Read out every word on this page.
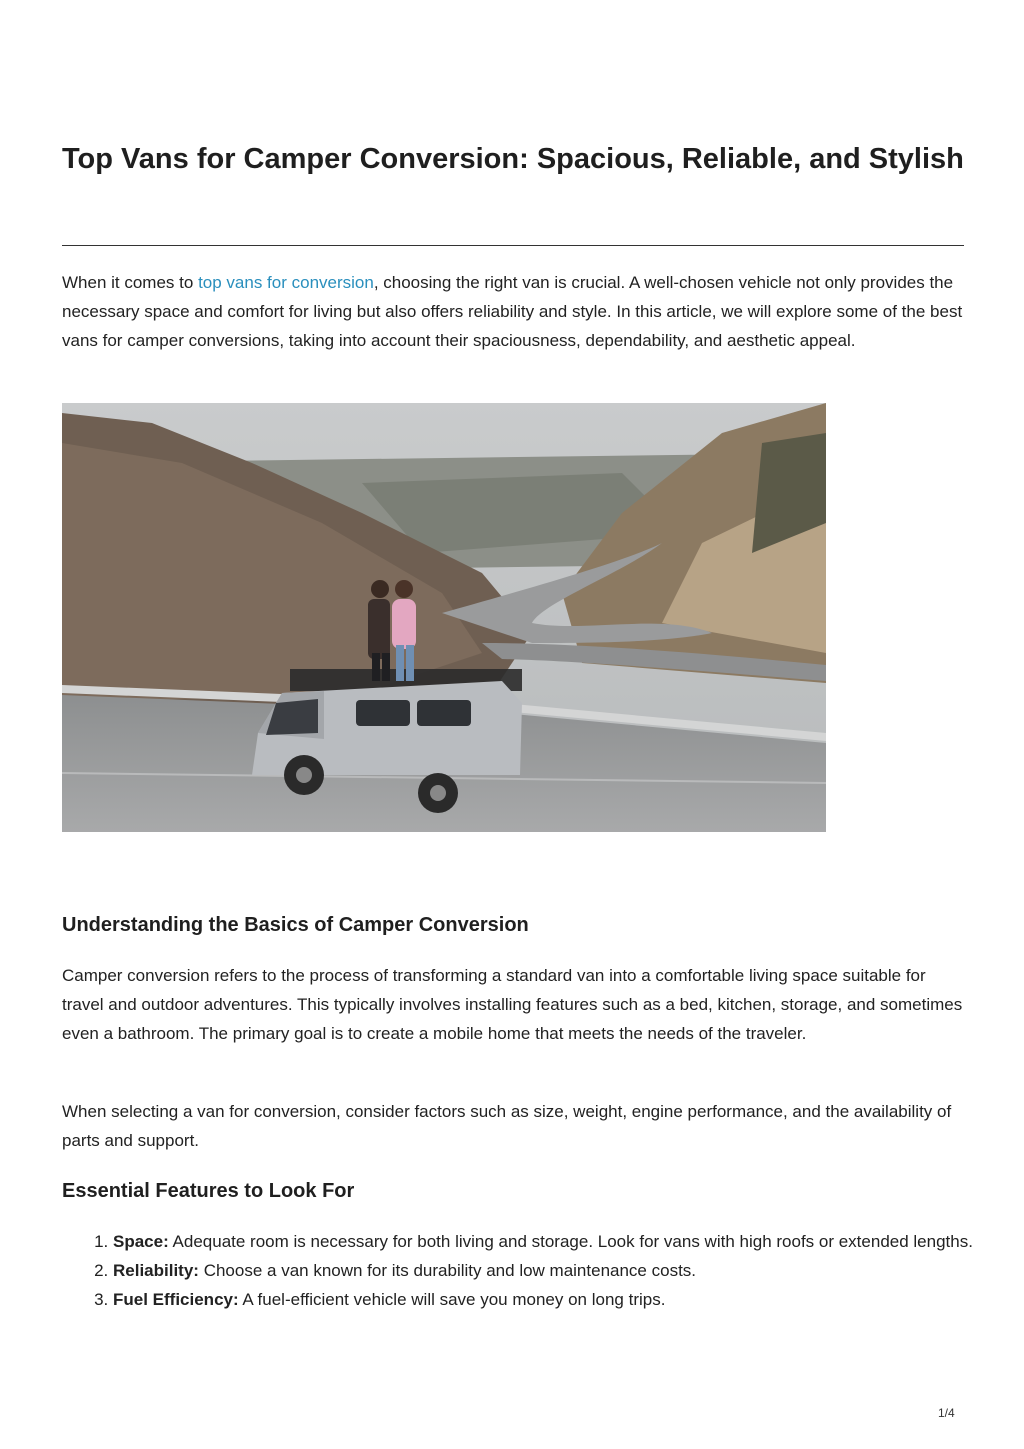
Top Vans for Camper Conversion: Spacious, Reliable, and Stylish

When it comes to top vans for conversion, choosing the right van is crucial. A well-chosen vehicle not only provides the necessary space and comfort for living but also offers reliability and style. In this article, we will explore some of the best vans for camper conversions, taking into account their spaciousness, dependability, and aesthetic appeal.

Understanding the Basics of Camper Conversion

Camper conversion refers to the process of transforming a standard van into a comfortable living space suitable for travel and outdoor adventures. This typically involves installing features such as a bed, kitchen, storage, and sometimes even a bathroom. The primary goal is to create a mobile home that meets the needs of the traveler.

When selecting a van for conversion, consider factors such as size, weight, engine performance, and the availability of parts and support.

Essential Features to Look For
1. Space: Adequate room is necessary for both living and storage. Look for vans with high roofs or extended lengths.
2. Reliability: Choose a van known for its durability and low maintenance costs.
3. Fuel Efficiency: A fuel-efficient vehicle will save you money on long trips.
1/4
